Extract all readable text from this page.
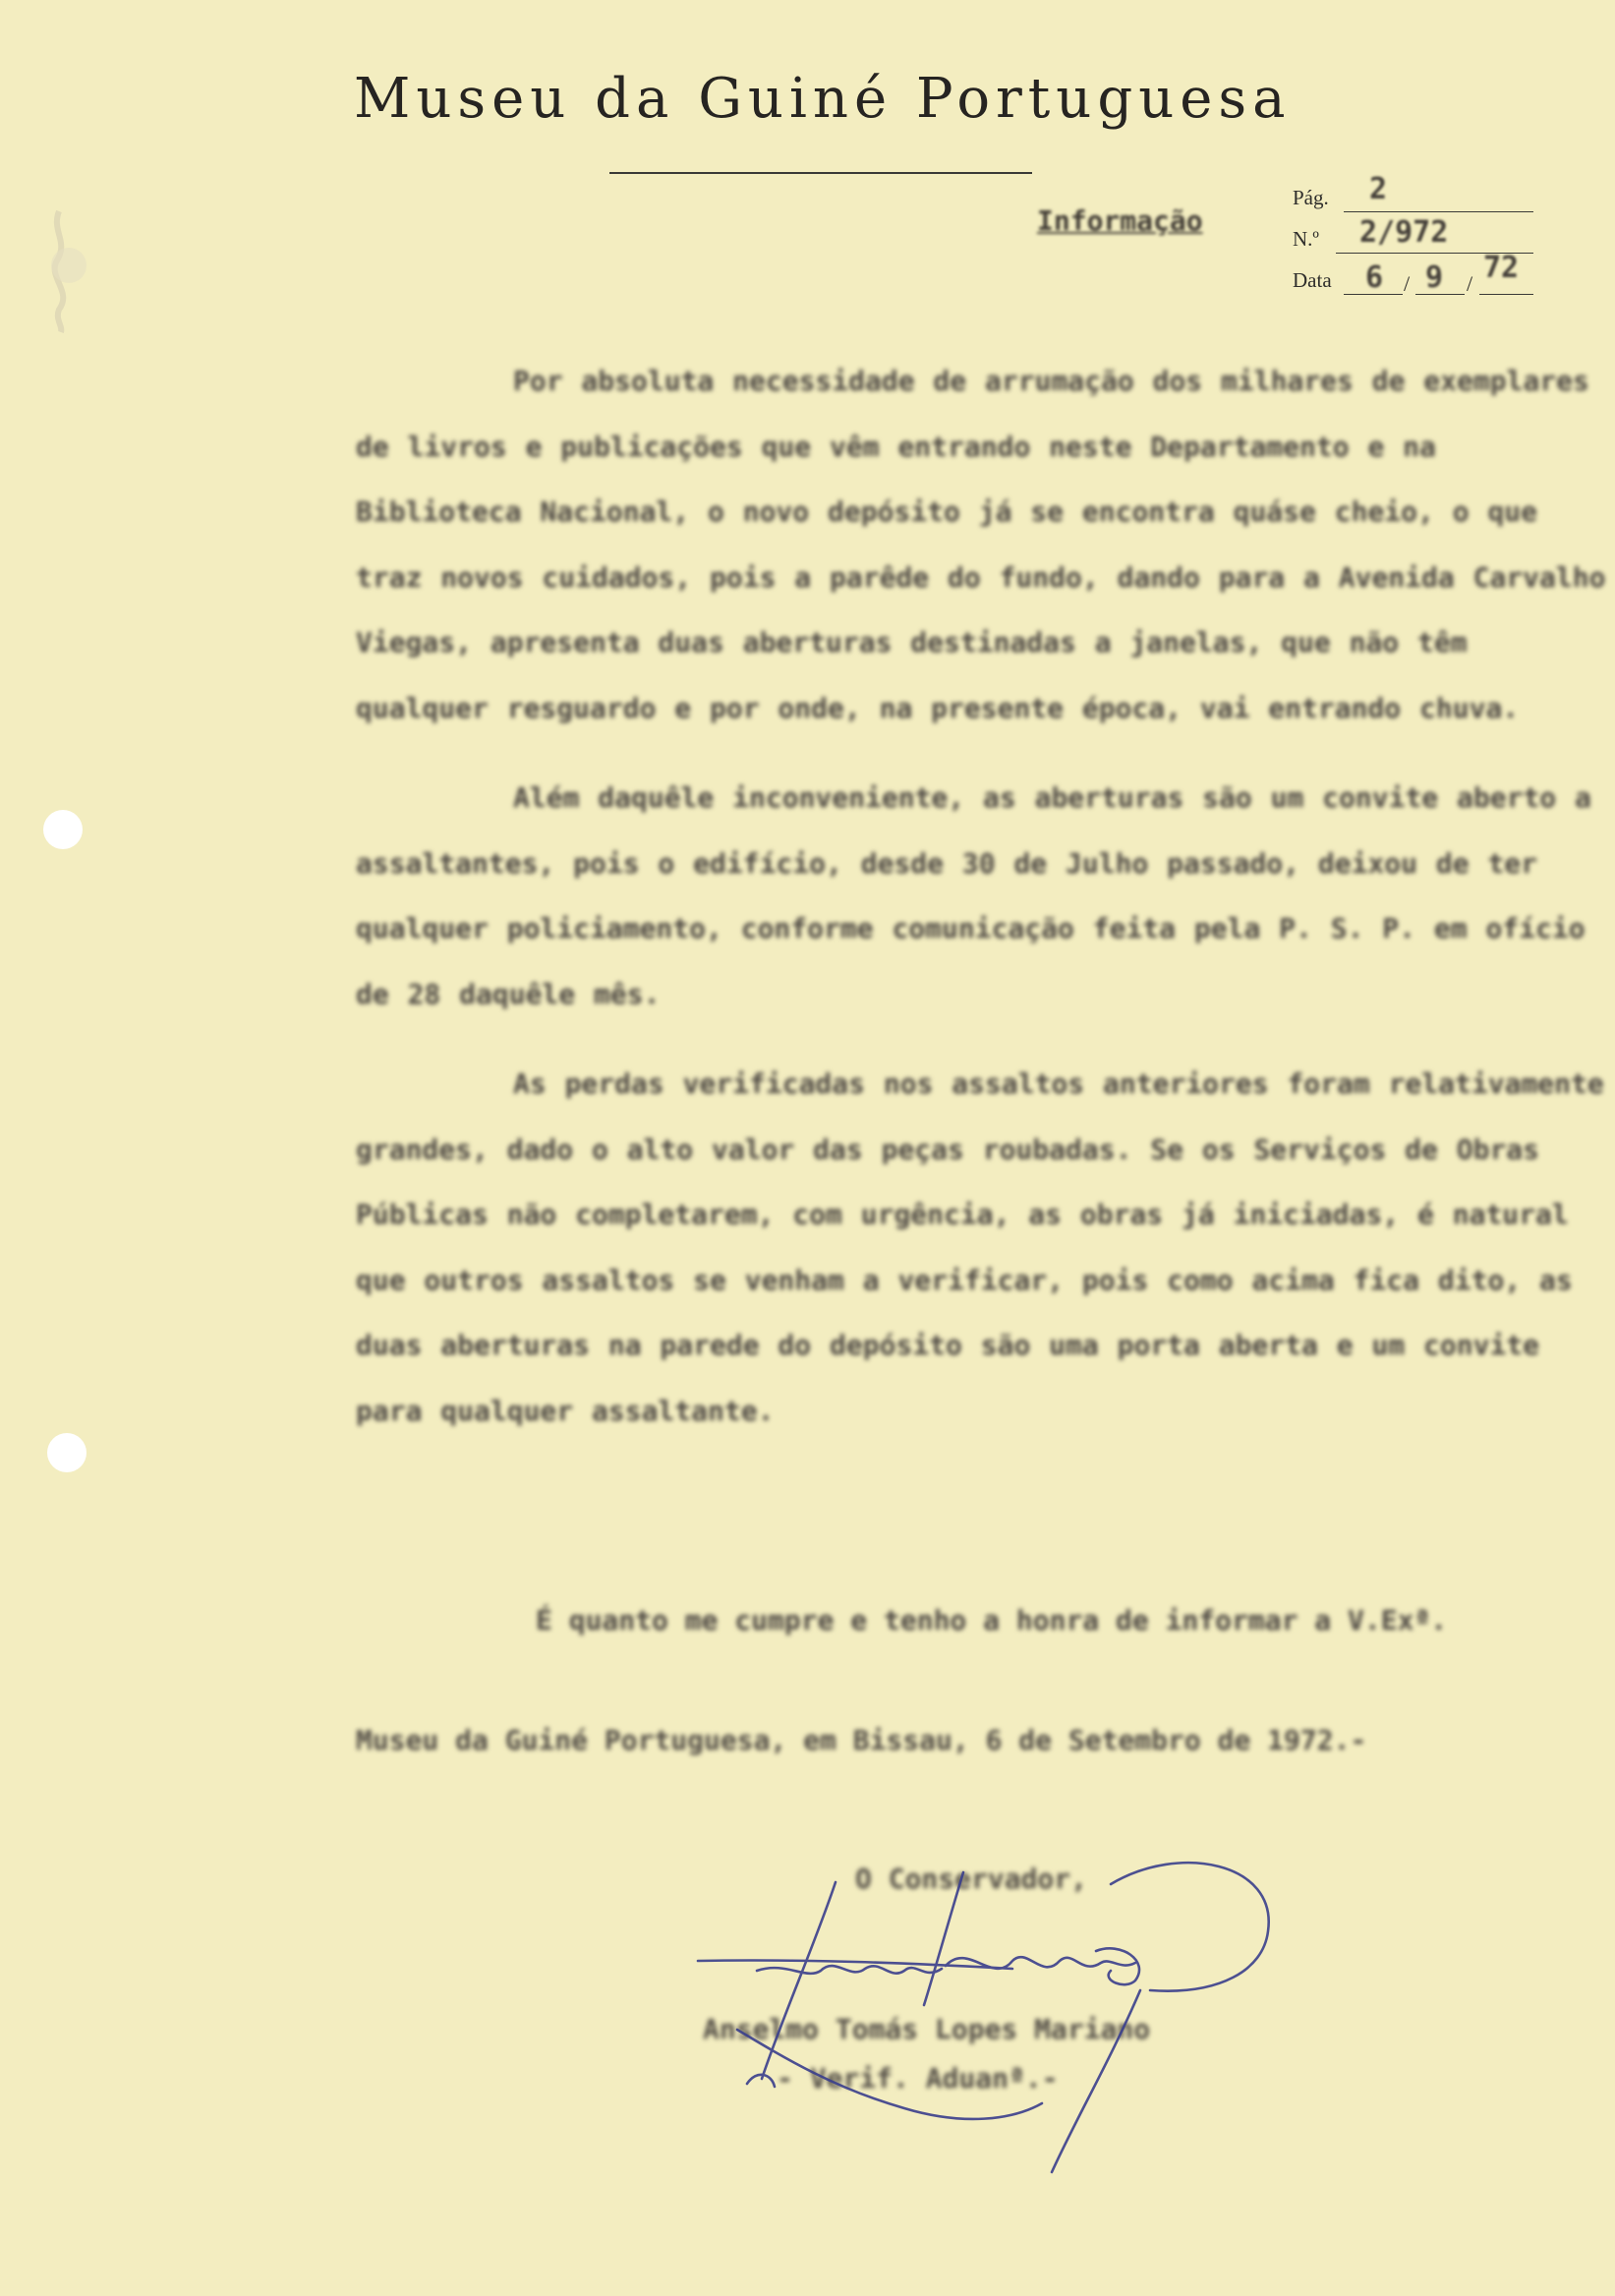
Museu da Guiné Portuguesa
Informação
Pág. 2
N.º 2/972
Data 6 / 9 / 72

Por absoluta necessidade de arrumação dos milhares de exemplares de livros e publicações que vêm entrando neste Departamento e na Biblioteca Nacional, o novo depósito já se encontra quáse cheio, o que traz novos cuidados, pois a parêde do fundo, dando para a Avenida Carvalho Viegas, apresenta duas aberturas destinadas a janelas, que não têm qualquer resguardo e por onde, na presente época, vai entrando chuva.

Além daquêle inconveniente, as aberturas são um convite aberto a assaltantes, pois o edifício, desde 30 de Julho passado, deixou de ter qualquer policiamento, conforme comunicação feita pela P. S. P. em ofício de 28 daquêle mês.

As perdas verificadas nos assaltos anteriores foram relativamente grandes, dado o alto valor das peças roubadas. Se os Serviços de Obras Públicas não completarem, com urgência, as obras já iniciadas, é natural que outros assaltos se venham a verificar, pois como acima fica dito, as duas aberturas na parede do depósito são uma porta aberta e um convite para qualquer assaltante.

É quanto me cumpre e tenho a honra de informar a V.Exª.
Museu da Guiné Portuguesa, em Bissau, 6 de Setembro de 1972.-
O Conservador,
Anselmo Tomás Lopes Mariano
- Verif. Aduanª.-
